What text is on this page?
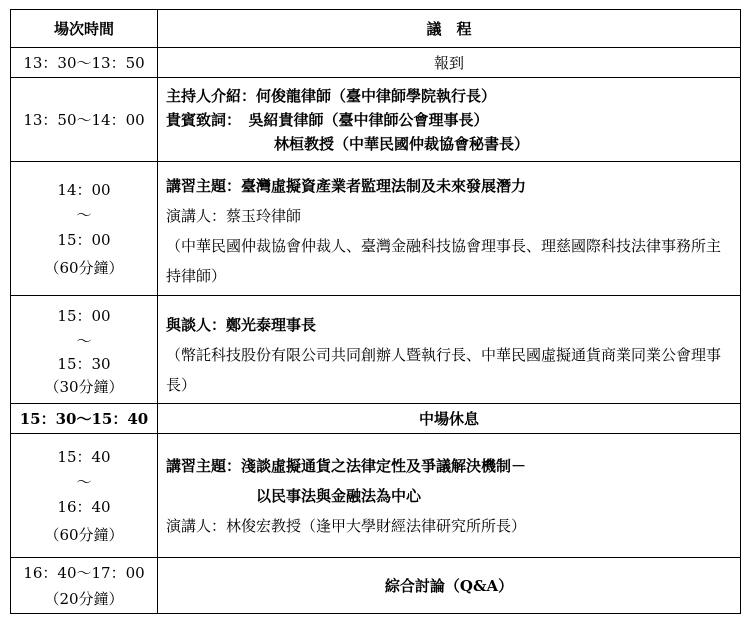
場次時間	議　程
13：30～13：50	報到
13：50～14：00	主持人介紹：何俊龍律師（臺中律師學院執行長）
貴賓致詞：　 吳紹貴律師（臺中律師公會理事長）
林桓教授（中華民國仲裁協會秘書長）

14：00
～
15：00
（60分鐘）	講習主題：臺灣虛擬資產業者監理法制及未來發展潛力
演講人：蔡玉玲律師
（中華民國仲裁協會仲裁人、臺灣金融科技協會理事長、理慈國際科技法律事務所主持律師）

15：00
～
15：30
（30分鐘）	與談人：鄭光泰理事長
（幣託科技股份有限公司共同創辦人暨執行長、中華民國虛擬通貨商業同業公會理事長）

15：30～15：40	中場休息

15：40
～
16：40
（60分鐘）	講習主題：淺談虛擬通貨之法律定性及爭議解決機制－
以民事法與金融法為中心
演講人：林俊宏教授（逢甲大學財經法律研究所所長）

16：40～17：00
（20分鐘）	綜合討論（Q&A）
